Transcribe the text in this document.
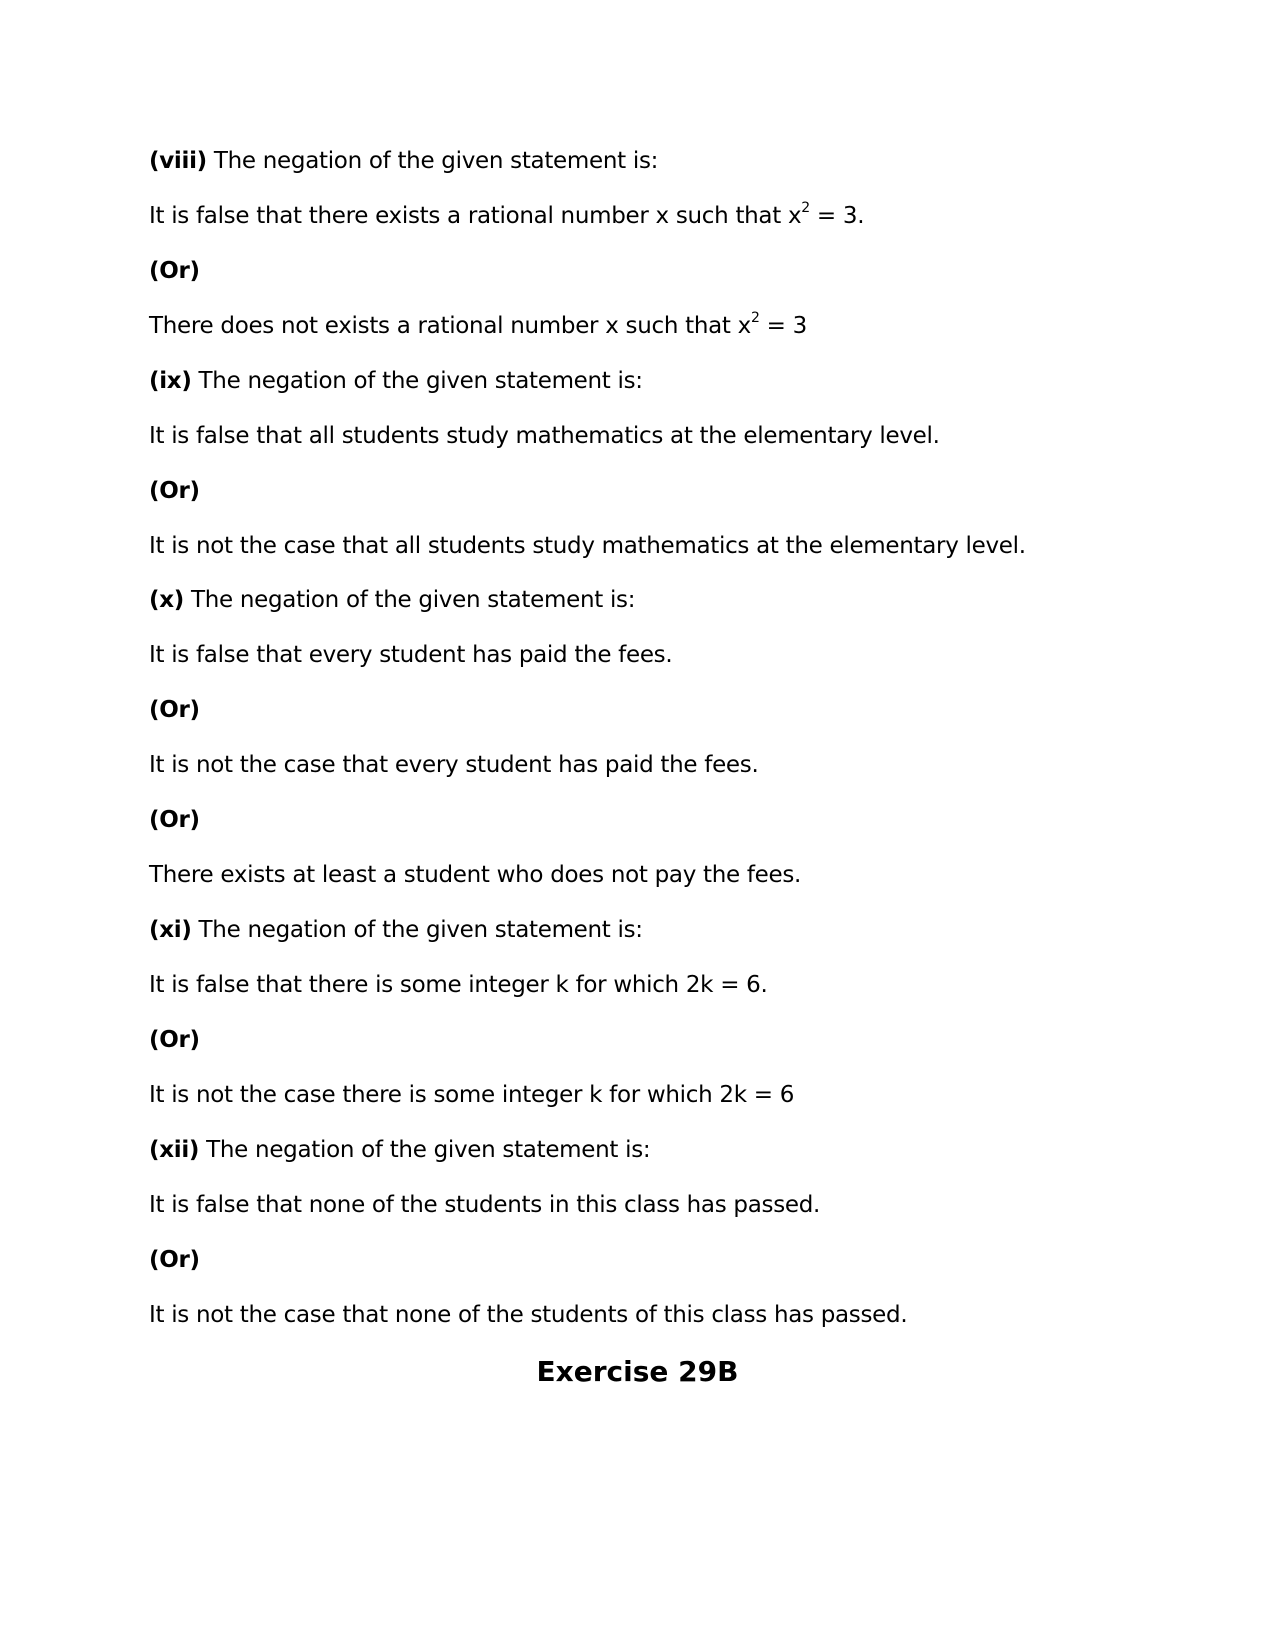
(viii) The negation of the given statement is:
It is false that there exists a rational number x such that $x^2 = 3$.
(Or)
There does not exists a rational number x such that $x^2 = 3$
(ix) The negation of the given statement is:
It is false that all students study mathematics at the elementary level.
(Or)
It is not the case that all students study mathematics at the elementary level.
(x) The negation of the given statement is:
It is false that every student has paid the fees.
(Or)
It is not the case that every student has paid the fees.
(Or)
There exists at least a student who does not pay the fees.
(xi) The negation of the given statement is:
It is false that there is some integer k for which 2k = 6.
(Or)
It is not the case there is some integer k for which 2k = 6
(xii) The negation of the given statement is:
It is false that none of the students in this class has passed.
(Or)
It is not the case that none of the students of this class has passed.
Exercise 29B
